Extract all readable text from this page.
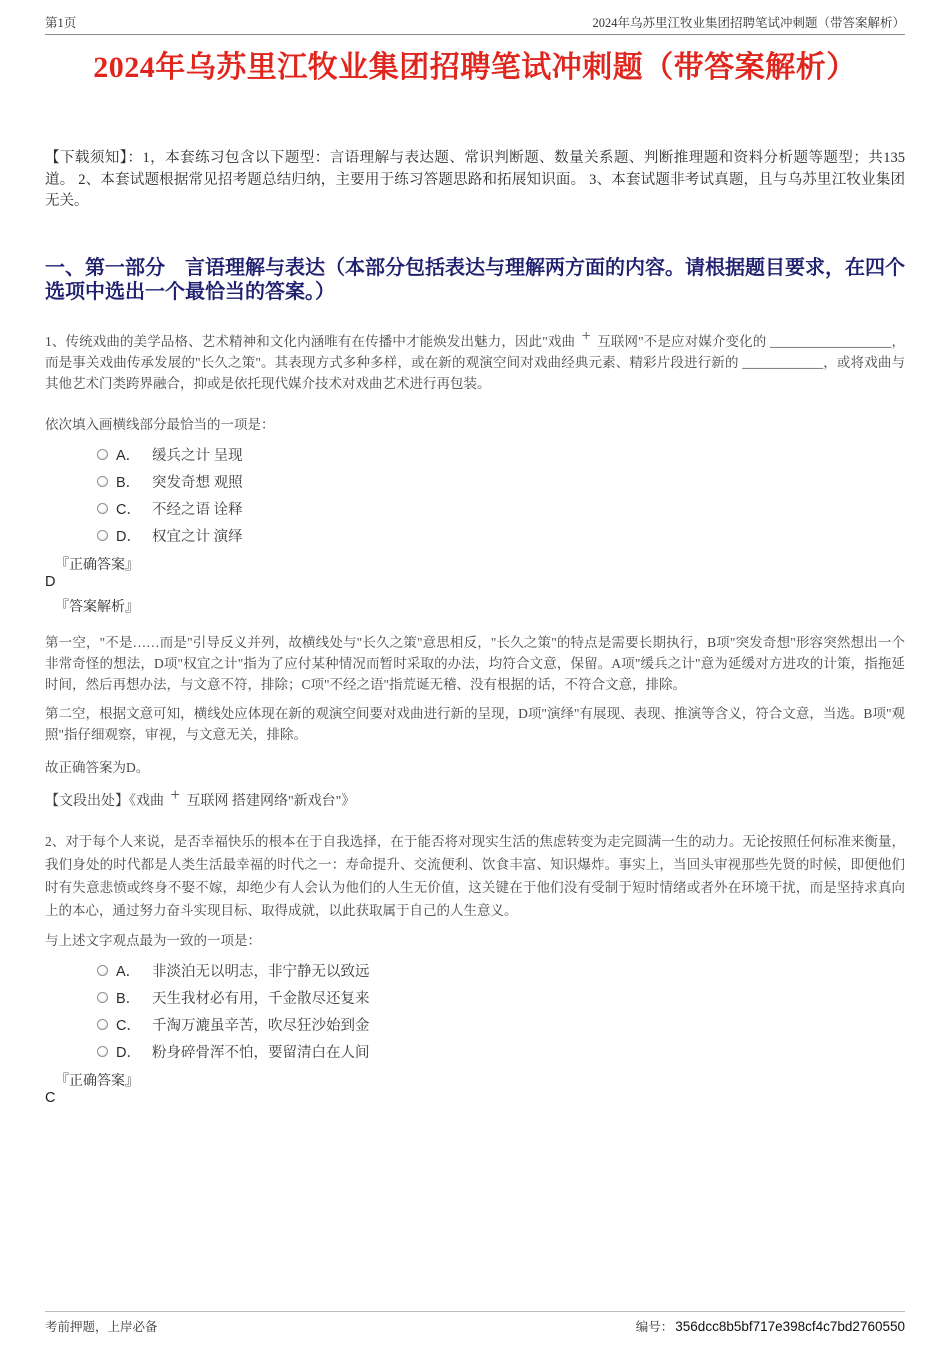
第1页	2024年乌苏里江牧业集团招聘笔试冲刺题（带答案解析）
2024年乌苏里江牧业集团招聘笔试冲刺题（带答案解析）

【下载须知】：1，本套练习包含以下题型：言语理解与表达题、常识判断题、数量关系题、判断推理题和资料分析题等题型；共135道。 2、本套试题根据常见招考题总结归纳，主要用于练习答题思路和拓展知识面。 3、本套试题非考试真题，且与乌苏里江牧业集团无关。

一、第一部分　言语理解与表达（本部分包括表达与理解两方面的内容。请根据题目要求，在四个选项中选出一个最恰当的答案。）

1、传统戏曲的美学品格、艺术精神和文化内涵唯有在传播中才能焕发出魅力，因此"戏曲 + 互联网"不是应对媒介变化的 __________________，而是事关戏曲传承发展的"长久之策"。其表现方式多种多样，或在新的观演空间对戏曲经典元素、精彩片段进行新的 ____________，或将戏曲与其他艺术门类跨界融合，抑或是依托现代媒介技术对戏曲艺术进行再包装。

依次填入画横线部分最恰当的一项是：

A． 缓兵之计 呈现
B． 突发奇想 观照
C． 不经之语 诠释
D． 权宜之计 演绎

『正确答案』

D

『答案解析』

第一空，"不是……而是"引导反义并列，故横线处与"长久之策"意思相反，"长久之策"的特点是需要长期执行，B项"突发奇想"形容突然想出一个非常奇怪的想法，D项"权宜之计"指为了应付某种情况而暂时采取的办法，均符合文意，保留。A项"缓兵之计"意为延缓对方进攻的计策，指拖延时间，然后再想办法，与文意不符，排除；C项"不经之语"指荒诞无稽、没有根据的话，不符合文意，排除。

第二空，根据文意可知，横线处应体现在新的观演空间要对戏曲进行新的呈现，D项"演绎"有展现、表现、推演等含义，符合文意，当选。B项"观照"指仔细观察，审视，与文意无关，排除。

故正确答案为D。

【文段出处】《戏曲 + 互联网 搭建网络"新戏台"》

2、对于每个人来说，是否幸福快乐的根本在于自我选择，在于能否将对现实生活的焦虑转变为走完圆满一生的动力。无论按照任何标准来衡量，我们身处的时代都是人类生活最幸福的时代之一：寿命提升、交流便利、饮食丰富、知识爆炸。事实上，当回头审视那些先贤的时候，即便他们时有失意悲愤或终身不娶不嫁，却绝少有人会认为他们的人生无价值，这关键在于他们没有受制于短时情绪或者外在环境干扰，而是坚持求真向上的本心，通过努力奋斗实现目标、取得成就，以此获取属于自己的人生意义。

与上述文字观点最为一致的一项是：

A． 非淡泊无以明志，非宁静无以致远
B． 天生我材必有用，千金散尽还复来
C． 千淘万漉虽辛苦，吹尽狂沙始到金
D． 粉身碎骨浑不怕，要留清白在人间

『正确答案』

C

考前押题，上岸必备	编号： 356dcc8b5bf717e398cf4c7bd2760550
